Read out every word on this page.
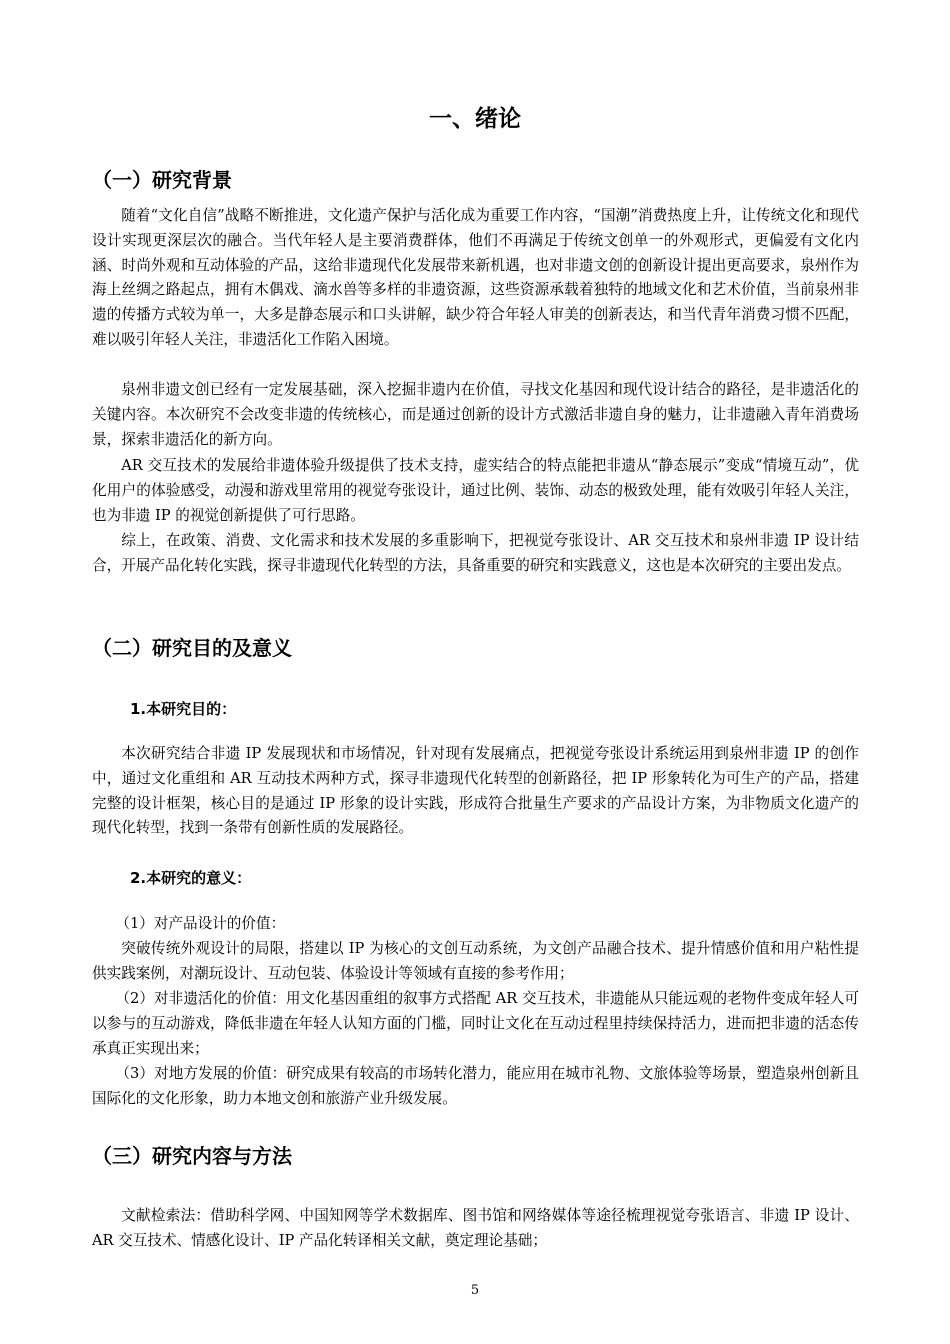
一、绪论
（一）研究背景

随着“文化自信”战略不断推进，文化遗产保护与活化成为重要工作内容，“国潮”消费热度上升，让传统文化和现代设计实现更深层次的融合。当代年轻人是主要消费群体，他们不再满足于传统文创单一的外观形式，更偏爱有文化内涵、时尚外观和互动体验的产品，这给非遗现代化发展带来新机遇，也对非遗文创的创新设计提出更高要求，泉州作为海上丝绸之路起点，拥有木偶戏、滴水兽等多样的非遗资源，这些资源承载着独特的地域文化和艺术价值，当前泉州非遗的传播方式较为单一，大多是静态展示和口头讲解，缺少符合年轻人审美的创新表达，和当代青年消费习惯不匹配，难以吸引年轻人关注，非遗活化工作陷入困境。

泉州非遗文创已经有一定发展基础，深入挖掘非遗内在价值，寻找文化基因和现代设计结合的路径，是非遗活化的关键内容。本次研究不会改变非遗的传统核心，而是通过创新的设计方式激活非遗自身的魅力，让非遗融入青年消费场景，探索非遗活化的新方向。

AR 交互技术的发展给非遗体验升级提供了技术支持，虚实结合的特点能把非遗从“静态展示”变成“情境互动”，优化用户的体验感受，动漫和游戏里常用的视觉夸张设计，通过比例、装饰、动态的极致处理，能有效吸引年轻人关注，也为非遗 IP 的视觉创新提供了可行思路。

综上，在政策、消费、文化需求和技术发展的多重影响下，把视觉夸张设计、AR 交互技术和泉州非遗 IP 设计结合，开展产品化转化实践，探寻非遗现代化转型的方法，具备重要的研究和实践意义，这也是本次研究的主要出发点。

（二）研究目的及意义
1.本研究目的：

本次研究结合非遗 IP 发展现状和市场情况，针对现有发展痛点，把视觉夸张设计系统运用到泉州非遗 IP 的创作中，通过文化重组和 AR 互动技术两种方式，探寻非遗现代化转型的创新路径，把 IP 形象转化为可生产的产品，搭建完整的设计框架，核心目的是通过 IP 形象的设计实践，形成符合批量生产要求的产品设计方案，为非物质文化遗产的现代化转型，找到一条带有创新性质的发展路径。

2.本研究的意义：

（1）对产品设计的价值：

突破传统外观设计的局限，搭建以 IP 为核心的文创互动系统，为文创产品融合技术、提升情感价值和用户粘性提供实践案例，对潮玩设计、互动包装、体验设计等领域有直接的参考作用；

（2）对非遗活化的价值：用文化基因重组的叙事方式搭配 AR 交互技术，非遗能从只能远观的老物件变成年轻人可以参与的互动游戏，降低非遗在年轻人认知方面的门槛，同时让文化在互动过程里持续保持活力，进而把非遗的活态传承真正实现出来；

（3）对地方发展的价值：研究成果有较高的市场转化潜力，能应用在城市礼物、文旅体验等场景，塑造泉州创新且国际化的文化形象，助力本地文创和旅游产业升级发展。

（三）研究内容与方法

文献检索法：借助科学网、中国知网等学术数据库、图书馆和网络媒体等途径梳理视觉夸张语言、非遗 IP 设计、AR 交互技术、情感化设计、IP 产品化转译相关文献，奠定理论基础；

5
